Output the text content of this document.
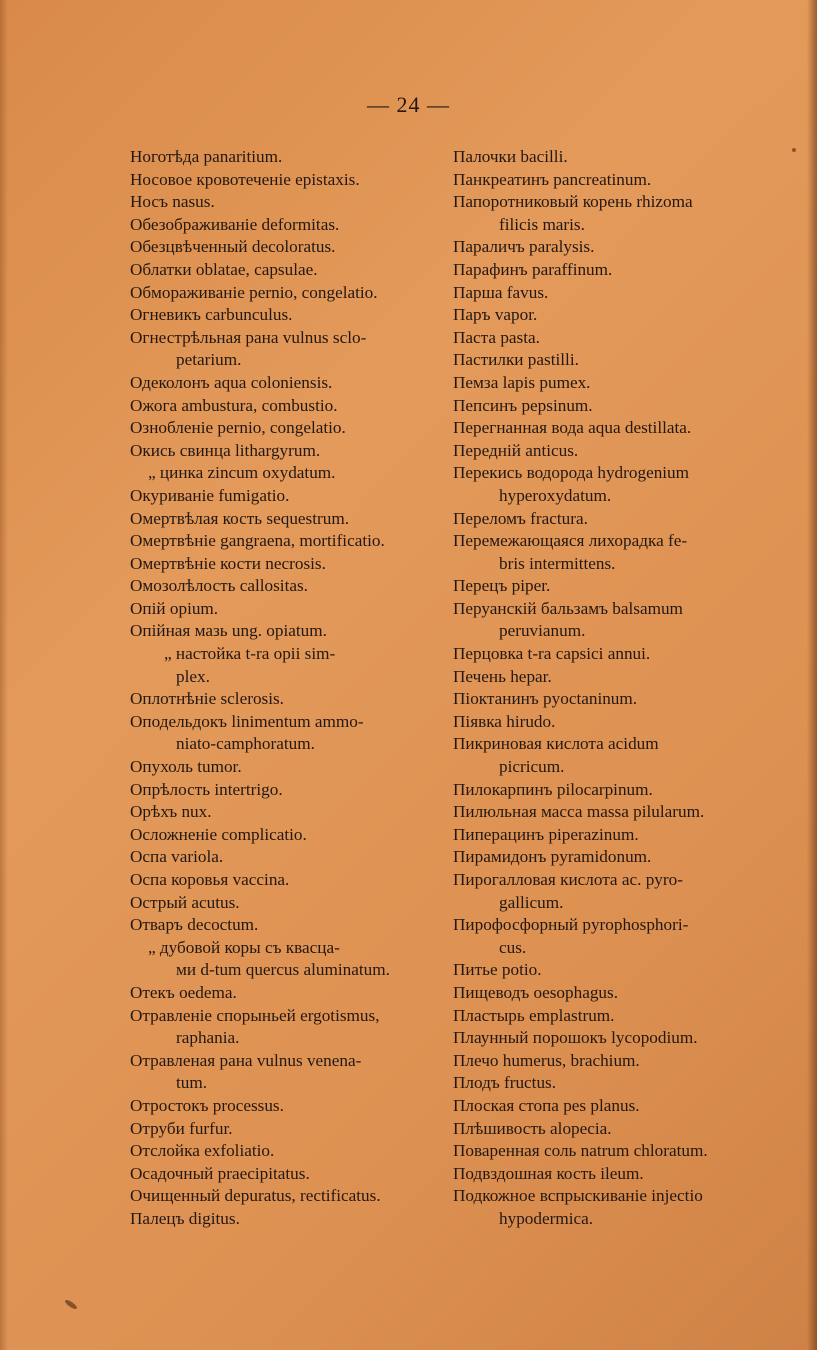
— 24 —
Ноготѣда panaritium.
Носовое кровотеченіе epistaxis.
Носъ nasus.
Обезображиваніе deformitas.
Обезцвѣченный decoloratus.
Облатки oblatae, capsulae.
Обмораживаніе pernio, congelatio.
Огневикъ carbunculus.
Огнестрѣльная рана vulnus sclo-
petarium.
Одеколонъ aqua coloniensis.
Ожога ambustura, combustio.
Ознобленіе pernio, congelatio.
Окись свинца lithargyrum.
„ цинка zincum oxydatum.
Окуриваніе fumigatio.
Омертвѣлая кость sequestrum.
Омертвѣніе gangraena, mortificatio.
Омертвѣніе кости necrosis.
Омозолѣлость callositas.
Опій opium.
Опійная мазь ung. opiatum.
„ настойка t-ra opii sim-
plex.
Оплотнѣніе sclerosis.
Оподельдокъ linimentum ammo-
niato-camphoratum.
Опухоль tumor.
Опрѣлость intertrigo.
Орѣхъ nux.
Осложненіе complicatio.
Оспа variola.
Оспа коровья vaccina.
Острый acutus.
Отваръ decoctum.
„ дубовой коры съ квасца-
ми d-tum quercus aluminatum.
Отекъ oedema.
Отравленіе спорыньей ergotismus,
raphania.
Отравленая рана vulnus venena-
tum.
Отростокъ processus.
Отруби furfur.
Отслойка exfoliatio.
Осадочный praecipitatus.
Очищенный depuratus, rectificatus.
Палецъ digitus.
Палочки bacilli.
Панкреатинъ pancreatinum.
Папоротниковый корень rhizoma
filicis maris.
Параличъ paralysis.
Парафинъ paraffinum.
Парша favus.
Паръ vapor.
Паста pasta.
Пастилки pastilli.
Пемза lapis pumex.
Пепсинъ pepsinum.
Перегнанная вода aqua destillata.
Передній anticus.
Перекись водорода hydrogenium
hyperoxydatum.
Переломъ fractura.
Перемежающаяся лихорадка fe-
bris intermittens.
Перецъ piper.
Перуанскій бальзамъ balsamum
peruvianum.
Перцовка t-ra capsici annui.
Печень hepar.
Піоктанинъ pyoctaninum.
Піявка hirudo.
Пикриновая кислота acidum
picricum.
Пилокарпинъ pilocarpinum.
Пилюльная масса massa pilularum.
Пиперацинъ piperazinum.
Пирамидонъ pyramidonum.
Пирогалловая кислота ac. pyro-
gallicum.
Пирофосфорный pyrophosphori-
cus.
Питье potio.
Пищеводъ oesophagus.
Пластырь emplastrum.
Плаунный порошокъ lycopodium.
Плечо humerus, brachium.
Плодъ fructus.
Плоская стопа pes planus.
Плѣшивость alopecia.
Поваренная соль natrum chloratum.
Подвздошная кость ileum.
Подкожное вспрыскиваніе injectio
hypodermica.
